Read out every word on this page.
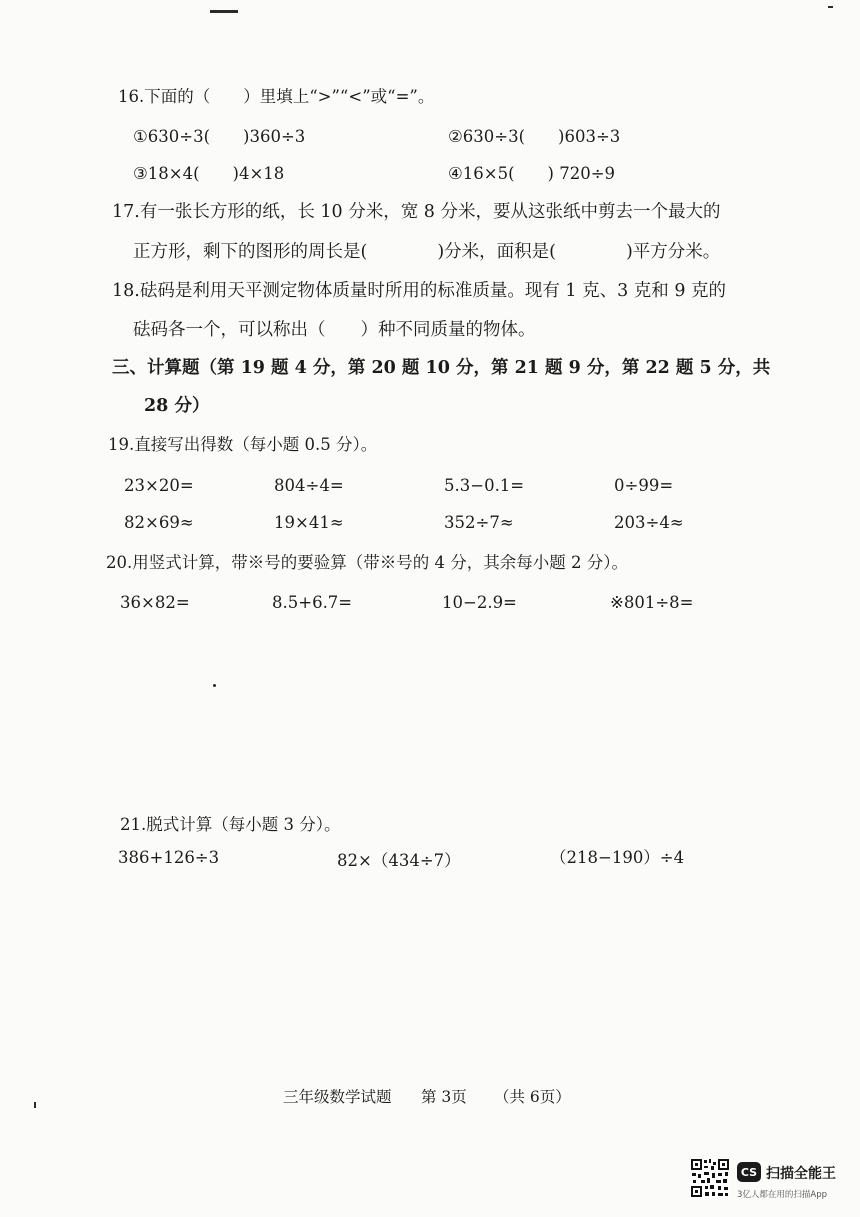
16.下面的（　　）里填上“>”“<”或“=”。
①630÷3(　　)360÷3	②630÷3(　　)603÷3
③18×4(　　)4×18	④16×5(　　) 720÷9
17.有一张长方形的纸，长 10 分米，宽 8 分米，要从这张纸中剪去一个最大的
正方形，剩下的图形的周长是(　　　　)分米，面积是(　　　　)平方分米。
18.砝码是利用天平测定物体质量时所用的标准质量。现有 1 克、3 克和 9 克的
砝码各一个，可以称出（　　）种不同质量的物体。
三、计算题（第 19 题 4 分，第 20 题 10 分，第 21 题 9 分，第 22 题 5 分，共
28 分）
19.直接写出得数（每小题 0.5 分）。
23×20=	804÷4=	5.3−0.1=	0÷99=
82×69≈	19×41≈	352÷7≈	203÷4≈
20.用竖式计算，带※号的要验算（带※号的 4 分，其余每小题 2 分）。
36×82=	8.5+6.7=	10−2.9=	※801÷8=
21.脱式计算（每小题 3 分）。
386+126÷3	82×（434÷7）	（218−190）÷4
三年级数学试题 第 3页 （共 6页）
CS 扫描全能王
3亿人都在用的扫描App
